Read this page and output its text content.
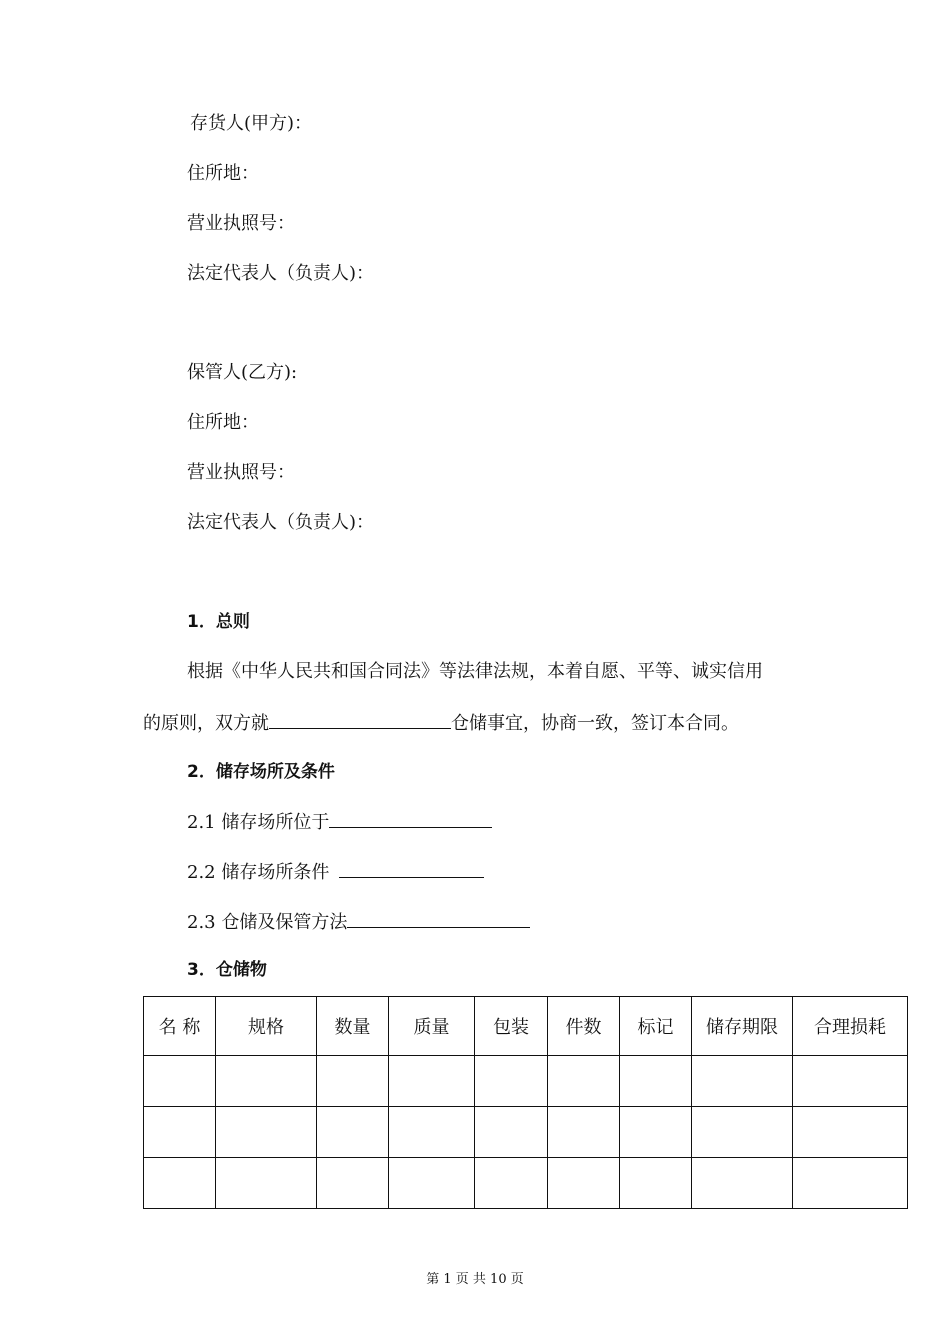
存货人(甲方)：
住所地：
营业执照号：
法定代表人（负责人)：
保管人(乙方):
住所地：
营业执照号：
法定代表人（负责人)：
1．总则
根据《中华人民共和国合同法》等法律法规，本着自愿、平等、诚实信用
的原则，双方就	仓储事宜，协商一致，签订本合同。
2．储存场所及条件
2.1 储存场所位于
2.2 储存场所条件
2.3 仓储及保管方法
3．仓储物
名 称	规格	数量	质量	包装	件数	标记	储存期限	合理损耗

第 1 页 共 10 页
